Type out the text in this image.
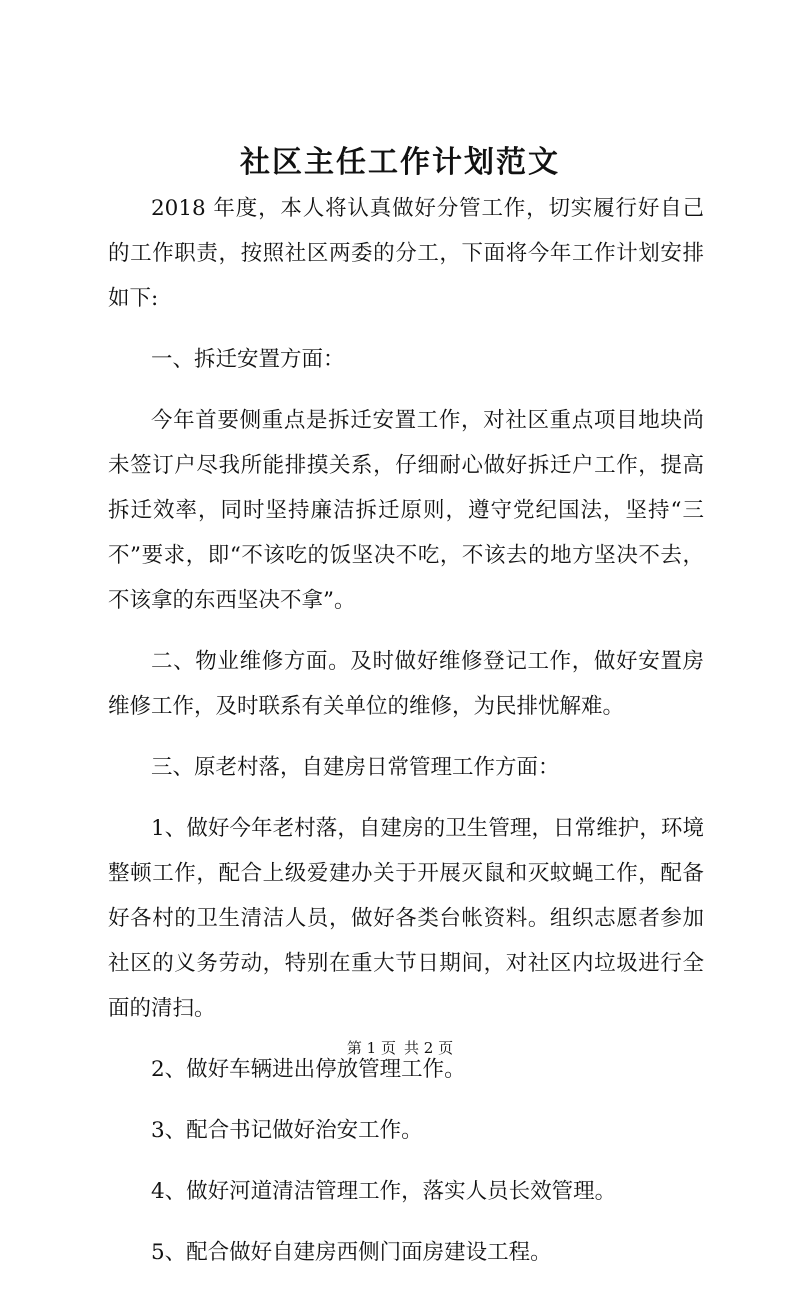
社区主任工作计划范文

2018 年度，本人将认真做好分管工作，切实履行好自己的工作职责，按照社区两委的分工，下面将今年工作计划安排如下:

一、拆迁安置方面：

今年首要侧重点是拆迁安置工作，对社区重点项目地块尚未签订户尽我所能排摸关系，仔细耐心做好拆迁户工作，提高拆迁效率，同时坚持廉洁拆迁原则，遵守党纪国法，坚持“三不”要求，即“不该吃的饭坚决不吃，不该去的地方坚决不去，不该拿的东西坚决不拿”。

二、物业维修方面。及时做好维修登记工作，做好安置房维修工作，及时联系有关单位的维修，为民排忧解难。

三、原老村落，自建房日常管理工作方面：

1、做好今年老村落，自建房的卫生管理，日常维护，环境整顿工作，配合上级爱建办关于开展灭鼠和灭蚊蝇工作，配备好各村的卫生清洁人员，做好各类台帐资料。组织志愿者参加社区的义务劳动，特别在重大节日期间，对社区内垃圾进行全面的清扫。

2、做好车辆进出停放管理工作。

3、配合书记做好治安工作。

4、做好河道清洁管理工作，落实人员长效管理。

5、配合做好自建房西侧门面房建设工程。

第 1 页 共 2 页
